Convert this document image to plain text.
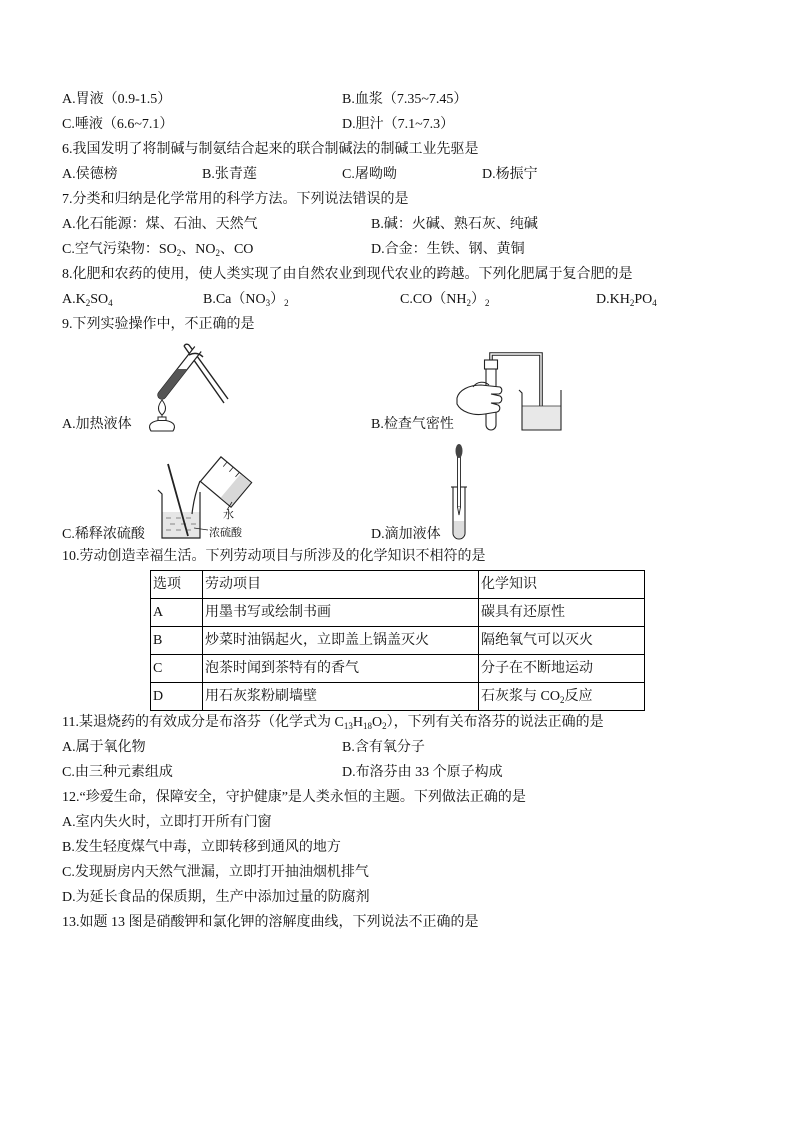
A.胃液（0.9-1.5）	B.血浆（7.35~7.45）
C.唾液（6.6~7.1）	D.胆汁（7.1~7.3）
6.我国发明了将制碱与制氨结合起来的联合制碱法的制碱工业先驱是
A.侯德榜	B.张青莲	C.屠呦呦	D.杨振宁
7.分类和归纳是化学常用的科学方法。下列说法错误的是
A.化石能源：煤、石油、天然气	B.碱：火碱、熟石灰、纯碱
C.空气污染物：$SO_2$、$NO_2$、CO	D.合金：生铁、钢、黄铜
8.化肥和农药的使用，使人类实现了由自然农业到现代农业的跨越。下列化肥属于复合肥的是
$A.K_2SO_4$	$B.Ca(NO_3)_2$	$C.CO(NH_2)_2$	$D.KH_2PO_4$
9.下列实验操作中，不正确的是
A.加热液体	B.检查气密性
水
浓硫酸
C.稀释浓硫酸	D.滴加液体
10.劳动创造幸福生活。下列劳动项目与所涉及的化学知识不相符的是
选项	劳动项目	化学知识
A	用墨书写或绘制书画	碳具有还原性
B	炒菜时油锅起火，立即盖上锅盖灭火	隔绝氧气可以灭火
C	泡茶时闻到茶特有的香气	分子在不断地运动
D	用石灰浆粉刷墙壁	石灰浆与 $CO_2$反应
11.某退烧药的有效成分是布洛芬（化学式为 $C_{13}H_{18}O_2$），下列有关布洛芬的说法正确的是
A.属于氧化物	B.含有氧分子
C.由三种元素组成	D.布洛芬由 33 个原子构成
12.“珍爱生命，保障安全，守护健康”是人类永恒的主题。下列做法正确的是
A.室内失火时，立即打开所有门窗
B.发生轻度煤气中毒，立即转移到通风的地方
C.发现厨房内天然气泄漏，立即打开抽油烟机排气
D.为延长食品的保质期，生产中添加过量的防腐剂
13.如题 13 图是硝酸钾和氯化钾的溶解度曲线，下列说法不正确的是
